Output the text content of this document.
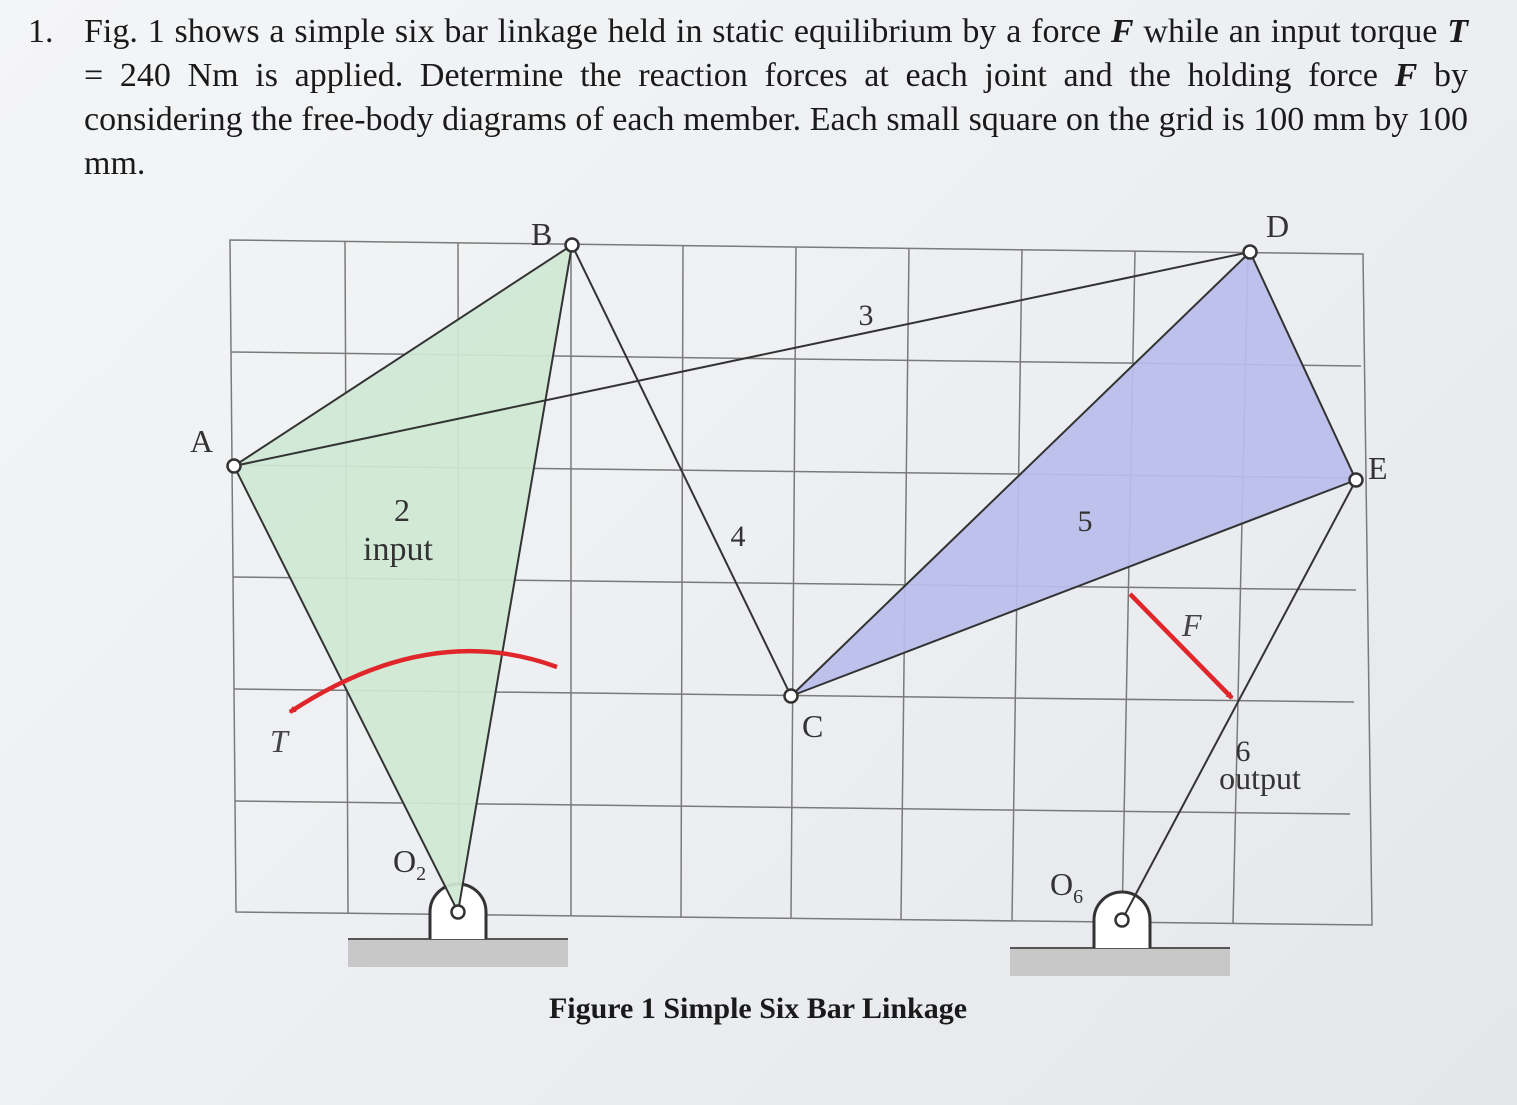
1. Fig. 1 shows a simple six bar linkage held in static equilibrium by a force F while an input torque T = 240 Nm is applied. Determine the reaction forces at each joint and the holding force F by considering the free-body diagrams of each member. Each small square on the grid is 100 mm by 100 mm.
A
B
C
D
E
$O_2$	$O_6$
2
input
3
4	5
6
output
T
F
Figure 1 Simple Six Bar Linkage
